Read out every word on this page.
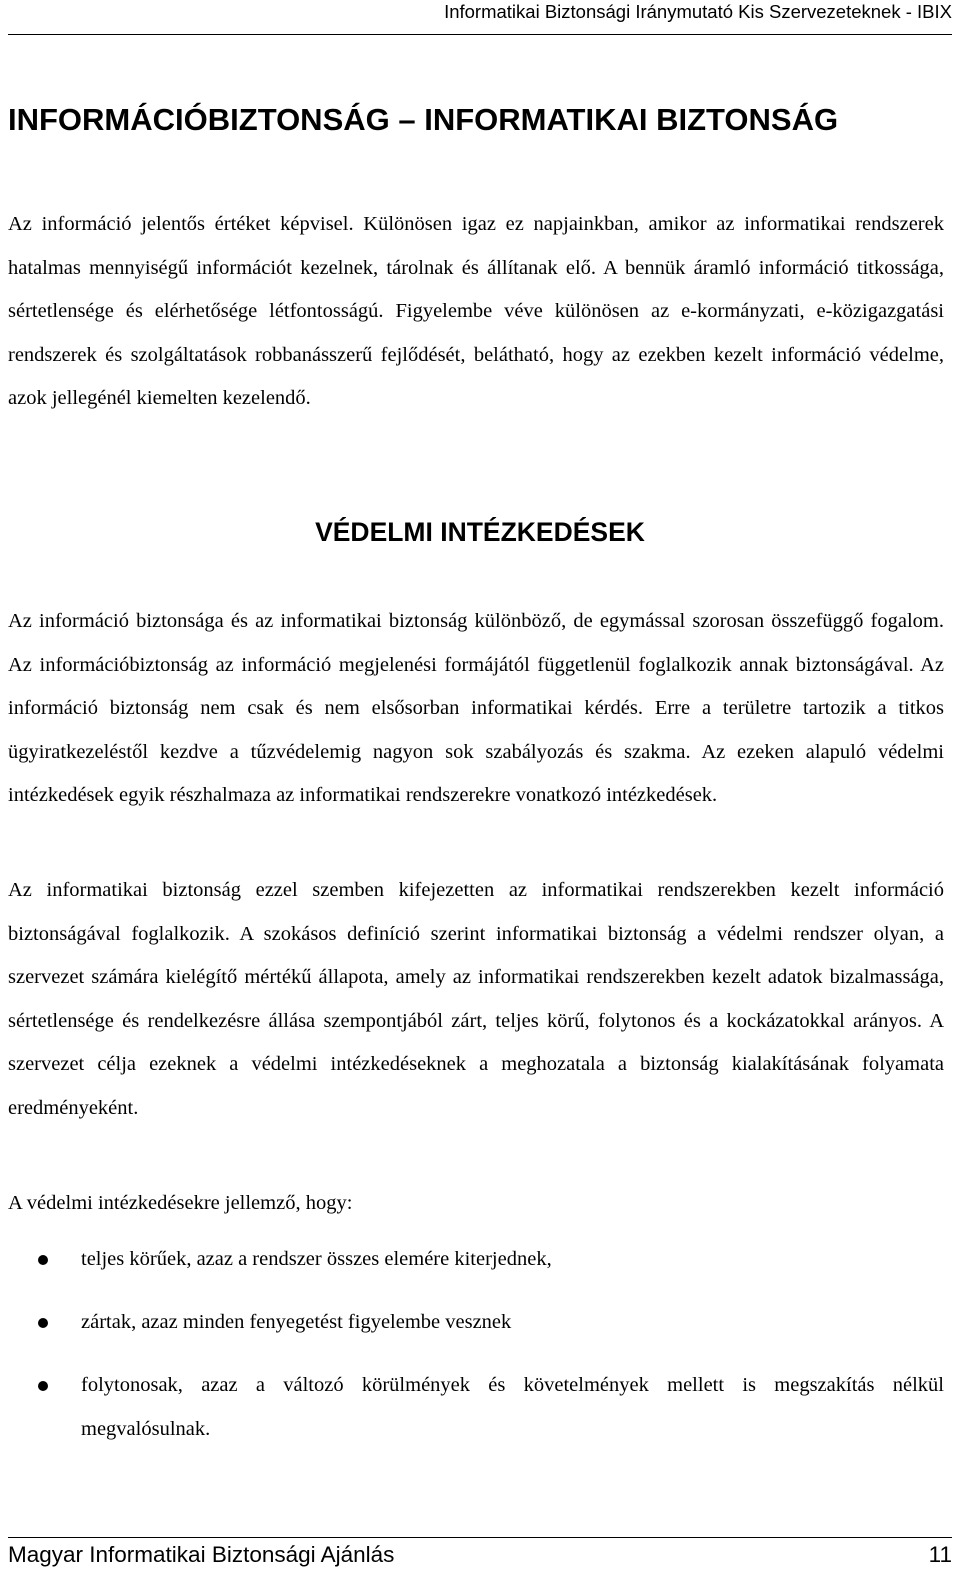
Informatikai Biztonsági Iránymutató Kis Szervezeteknek - IBIX
INFORMÁCIÓBIZTONSÁG – INFORMATIKAI BIZTONSÁG

Az információ jelentős értéket képvisel. Különösen igaz ez napjainkban, amikor az informatikai rendszerek hatalmas mennyiségű információt kezelnek, tárolnak és állítanak elő. A bennük áramló információ titkossága, sértetlensége és elérhetősége létfontosságú. Figyelembe véve különösen az e-kormányzati, e-közigazgatási rendszerek és szolgáltatások robbanásszerű fejlődését, belátható, hogy az ezekben kezelt információ védelme, azok jellegénél kiemelten kezelendő.

VÉDELMI INTÉZKEDÉSEK

Az információ biztonsága és az informatikai biztonság különböző, de egymással szorosan összefüggő fogalom. Az információbiztonság az információ megjelenési formájától függetlenül foglalkozik annak biztonságával. Az információ biztonság nem csak és nem elsősorban informatikai kérdés. Erre a területre tartozik a titkos ügyiratkezeléstől kezdve a tűzvédelemig nagyon sok szabályozás és szakma. Az ezeken alapuló védelmi intézkedések egyik részhalmaza az informatikai rendszerekre vonatkozó intézkedések.

Az informatikai biztonság ezzel szemben kifejezetten az informatikai rendszerekben kezelt információ biztonságával foglalkozik. A szokásos definíció szerint informatikai biztonság a védelmi rendszer olyan, a szervezet számára kielégítő mértékű állapota, amely az informatikai rendszerekben kezelt adatok bizalmassága, sértetlensége és rendelkezésre állása szempontjából zárt, teljes körű, folytonos és a kockázatokkal arányos. A szervezet célja ezeknek a védelmi intézkedéseknek a meghozatala a biztonság kialakításának folyamata eredményeként.

A védelmi intézkedésekre jellemző, hogy:

teljes körűek, azaz a rendszer összes elemére kiterjednek,
zártak, azaz minden fenyegetést figyelembe vesznek
folytonosak, azaz a változó körülmények és követelmények mellett is megszakítás nélkül megvalósulnak.
Magyar Informatikai Biztonsági Ajánlás	11
